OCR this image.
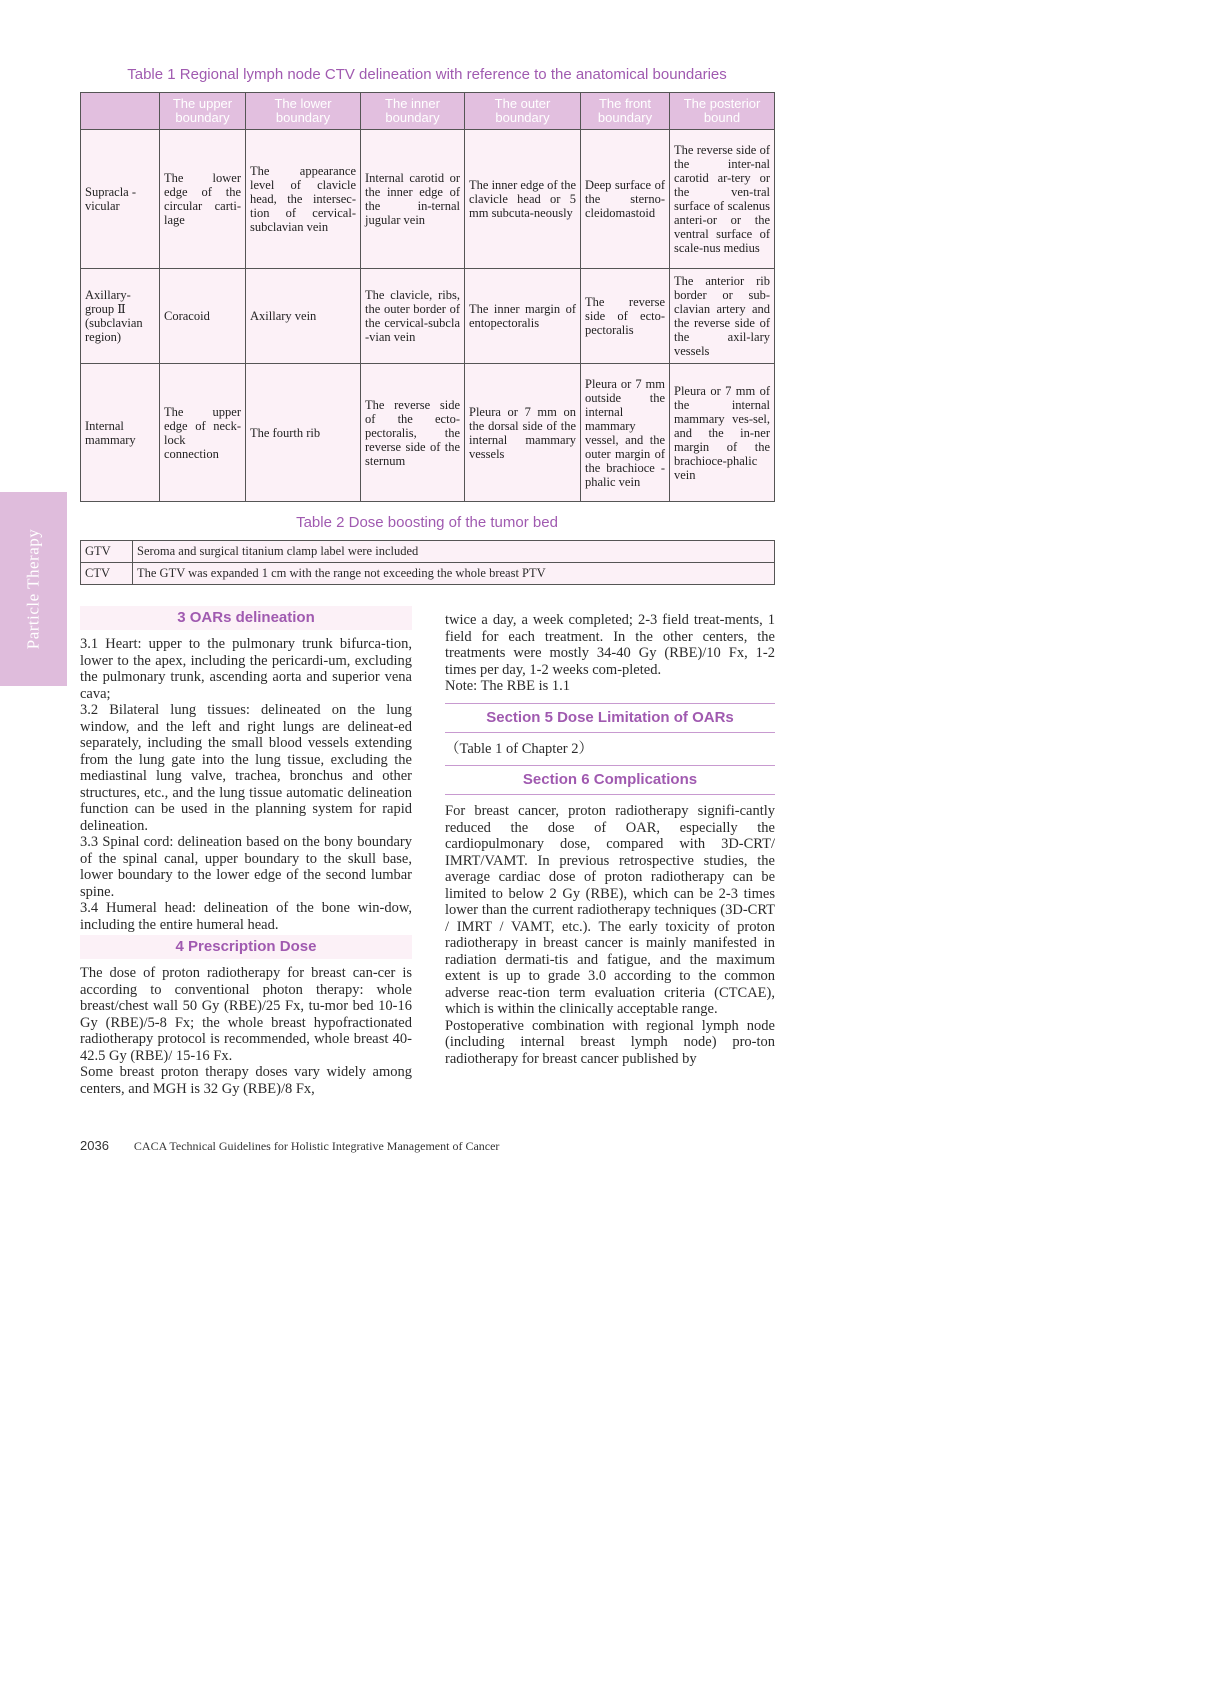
Particle Therapy
Table 1 Regional lymph node CTV delineation with reference to the anatomical boundaries
	The upper boundary	The lower boundary	The inner boundary	The outer boundary	The front boundary	The posterior bound
Supracla - vicular	The lower edge of the circular carti-lage	The appearance level of clavicle head, the intersec-tion of cervical-subclavian vein	Internal carotid or the inner edge of the in-ternal jugular vein	The inner edge of the clavicle head or 5 mm subcuta-neously	Deep surface of the sterno-cleidomastoid	The reverse side of the inter-nal carotid ar-tery or the ven-tral surface of scalenus anteri-or or the ventral surface of scale-nus medius
Axillary-group Ⅱ (subclavian region)	Coracoid	Axillary vein	The clavicle, ribs, the outer border of the cervical-subcla -vian vein	The inner margin of entopectoralis	The reverse side of ecto-pectoralis	The anterior rib border or sub-clavian artery and the reverse side of the axil-lary vessels
Internal mammary	The upper edge of neck-lock connection	The fourth rib	The reverse side of the ecto-pectoralis, the reverse side of the sternum	Pleura or 7 mm on the dorsal side of the internal mammary vessels	Pleura or 7 mm outside the internal mammary vessel, and the outer margin of the brachioce - phalic vein	Pleura or 7 mm of the internal mammary ves-sel, and the in-ner margin of the brachioce-phalic vein
Table 2 Dose boosting of the tumor bed
GTV	Seroma and surgical titanium clamp label were included
CTV	The GTV was expanded 1 cm with the range not exceeding the whole breast PTV
3 OARs delineation

3.1 Heart: upper to the pulmonary trunk bifurca-tion, lower to the apex, including the pericardi-um, excluding the pulmonary trunk, ascending aorta and superior vena cava;

3.2 Bilateral lung tissues: delineated on the lung window, and the left and right lungs are delineat-ed separately, including the small blood vessels extending from the lung gate into the lung tissue, excluding the mediastinal lung valve, trachea, bronchus and other structures, etc., and the lung tissue automatic delineation function can be used in the planning system for rapid delineation.

3.3 Spinal cord: delineation based on the bony boundary of the spinal canal, upper boundary to the skull base, lower boundary to the lower edge of the second lumbar spine.

3.4 Humeral head: delineation of the bone win-dow, including the entire humeral head.

4 Prescription Dose

The dose of proton radiotherapy for breast can-cer is according to conventional photon therapy: whole breast/chest wall 50 Gy (RBE)/25 Fx, tu-mor bed 10-16 Gy (RBE)/5-8 Fx; the whole breast hypofractionated radiotherapy protocol is recommended, whole breast 40-42.5 Gy (RBE)/ 15-16 Fx.

Some breast proton therapy doses vary widely among centers, and MGH is 32 Gy (RBE)/8 Fx,

twice a day, a week completed; 2-3 field treat-ments, 1 field for each treatment. In the other centers, the treatments were mostly 34-40 Gy (RBE)/10 Fx, 1-2 times per day, 1-2 weeks com-pleted.

Note: The RBE is 1.1

Section 5 Dose Limitation of OARs

（Table 1 of Chapter 2）

Section 6 Complications

For breast cancer, proton radiotherapy signifi-cantly reduced the dose of OAR, especially the cardiopulmonary dose, compared with 3D-CRT/ IMRT/VAMT. In previous retrospective studies, the average cardiac dose of proton radiotherapy can be limited to below 2 Gy (RBE), which can be 2-3 times lower than the current radiotherapy techniques (3D-CRT / IMRT / VAMT, etc.). The early toxicity of proton radiotherapy in breast cancer is mainly manifested in radiation dermati-tis and fatigue, and the maximum extent is up to grade 3.0 according to the common adverse reac-tion term evaluation criteria (CTCAE), which is within the clinically acceptable range.

Postoperative combination with regional lymph node (including internal breast lymph node) pro-ton radiotherapy for breast cancer published by

2036 CACA Technical Guidelines for Holistic Integrative Management of Cancer
